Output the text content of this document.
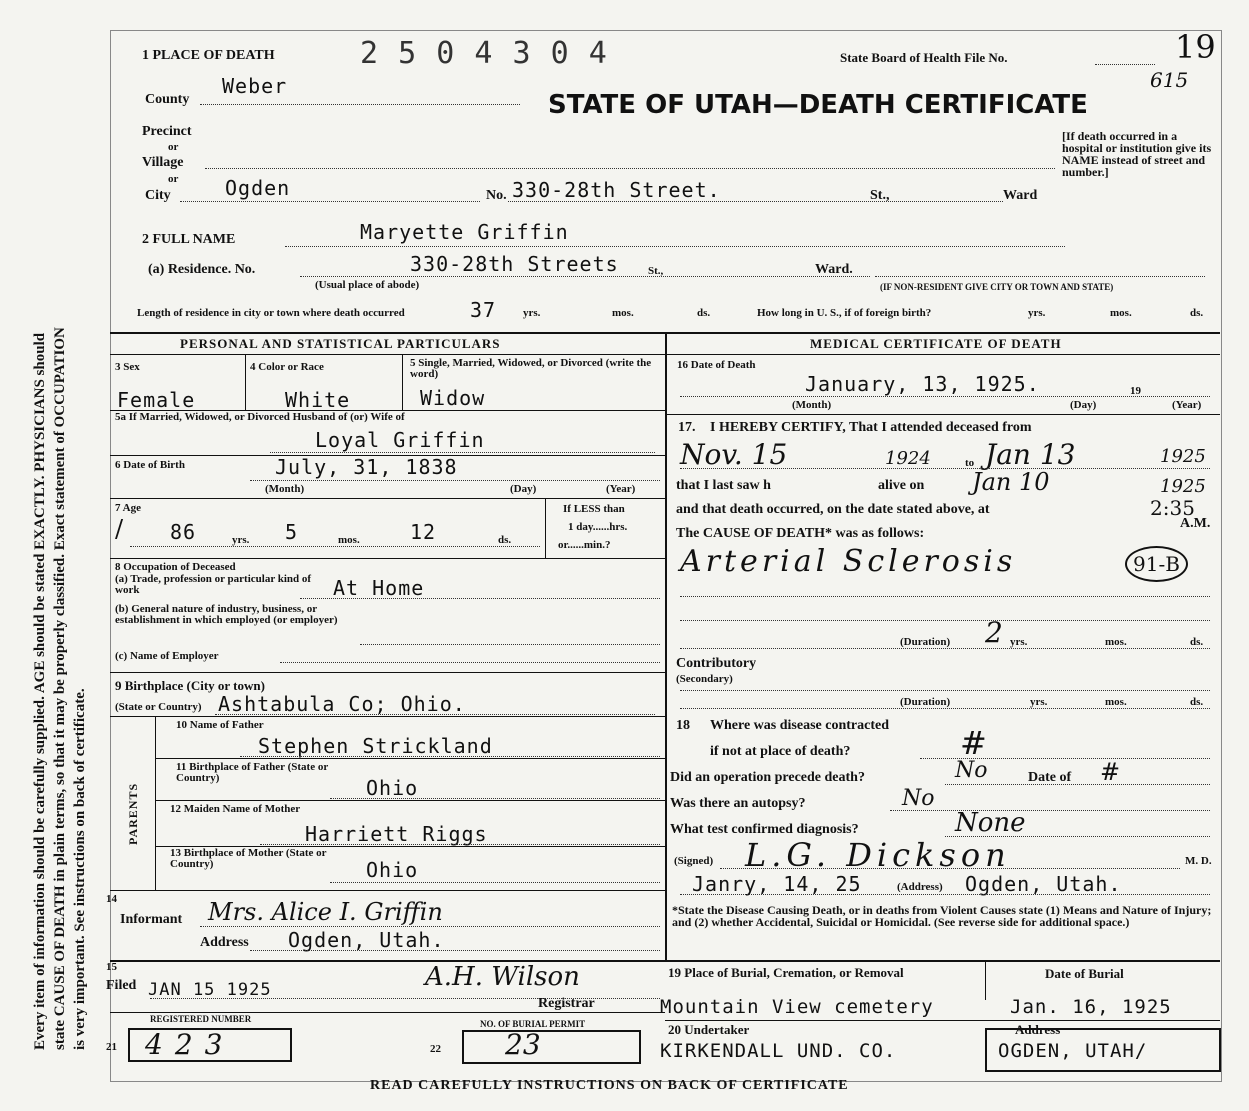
Every item of information should be carefully supplied. AGE should be stated EXACTLY. PHYSICIANS should state CAUSE OF DEATH in plain terms, so that it may be properly classified. Exact statement of OCCUPATION is very important. See instructions on back of certificate.
1 PLACE OF DEATH	2 5 0 4 3 0 4	State Board of Health File No.	19
615
STATE OF UTAH—DEATH CERTIFICATE
County
Weber
Precinct
or
Village
or
City	Ogden	No. 330-28th Street.	St.,	Ward
[If death occurred in a hospital or institution give its NAME instead of street and number.]
2 FULL NAME	Maryette Griffin
(a) Residence. No.	330-28th Streets	St.,	Ward.
(Usual place of abode)	(IF NON-RESIDENT GIVE CITY OR TOWN AND STATE)
Length of residence in city or town where death occurred	37 yrs.	mos.	ds.	How long in U. S., if of foreign birth?	yrs.	mos.	ds.
PERSONAL AND STATISTICAL PARTICULARS
3 Sex
Female
4 Color or Race
White
5 Single, Married, Widowed, or Divorced (write the word)
Widow
5a If Married, Widowed, or Divorced Husband of (or) Wife of
Loyal Griffin
6 Date of Birth	July, 31, 1838
(Month)	(Day)	(Year)
7 Age
/ 86	yrs. 5	mos.	12	ds.
If LESS than
1 day......hrs.
or......min.?
8 Occupation of Deceased
(a) Trade, profession or particular kind of work	At Home
(b) General nature of industry, business, or establishment in which employed (or employer)
(c) Name of Employer
9 Birthplace (City or town)
(State or Country) Ashtabula Co; Ohio.
PARENTS
10 Name of Father
Stephen Strickland
11 Birthplace of Father (State or Country)	Ohio
12 Maiden Name of Mother
Harriett Riggs
13 Birthplace of Mother (State or Country)	Ohio
14
Informant Mrs. Alice I. Griffin
Address Ogden, Utah.
15
Filed JAN 15 1925	A.H. Wilson
Registrar
REGISTERED NUMBER
21 423
NO. OF BURIAL PERMIT
22 23
MEDICAL CERTIFICATE OF DEATH
16 Date of Death
January, 13, 1925.	19
(Month)	(Day)	(Year)
17. I HEREBY CERTIFY, That I attended deceased from
Nov. 15	1924	to Jan 13	1925
that I last saw h	alive on Jan 10	1925
and that death occurred, on the date stated above, at	2:35
A.M.
The CAUSE OF DEATH* was as follows:
Arterial Sclerosis	91-B
(Duration) 2 yrs.	mos.	ds.
Contributory
(Secondary)
(Duration)	yrs.	mos.	ds.
18 Where was disease contracted
if not at place of death?	#
Did an operation precede death?	No	Date of #
Was there an autopsy?	No
What test confirmed diagnosis?	None
(Signed) L.G. Dickson	M. D.
Janry, 14, 25	(Address) Ogden, Utah.
*State the Disease Causing Death, or in deaths from Violent Causes state (1) Means and Nature of Injury; and (2) whether Accidental, Suicidal or Homicidal. (See reverse side for additional space.)
19 Place of Burial, Cremation, or Removal	Date of Burial
Mountain View cemetery	Jan. 16, 1925
20 Undertaker	Address
KIRKENDALL UND. CO.	OGDEN, UTAH/
READ CAREFULLY INSTRUCTIONS ON BACK OF CERTIFICATE
